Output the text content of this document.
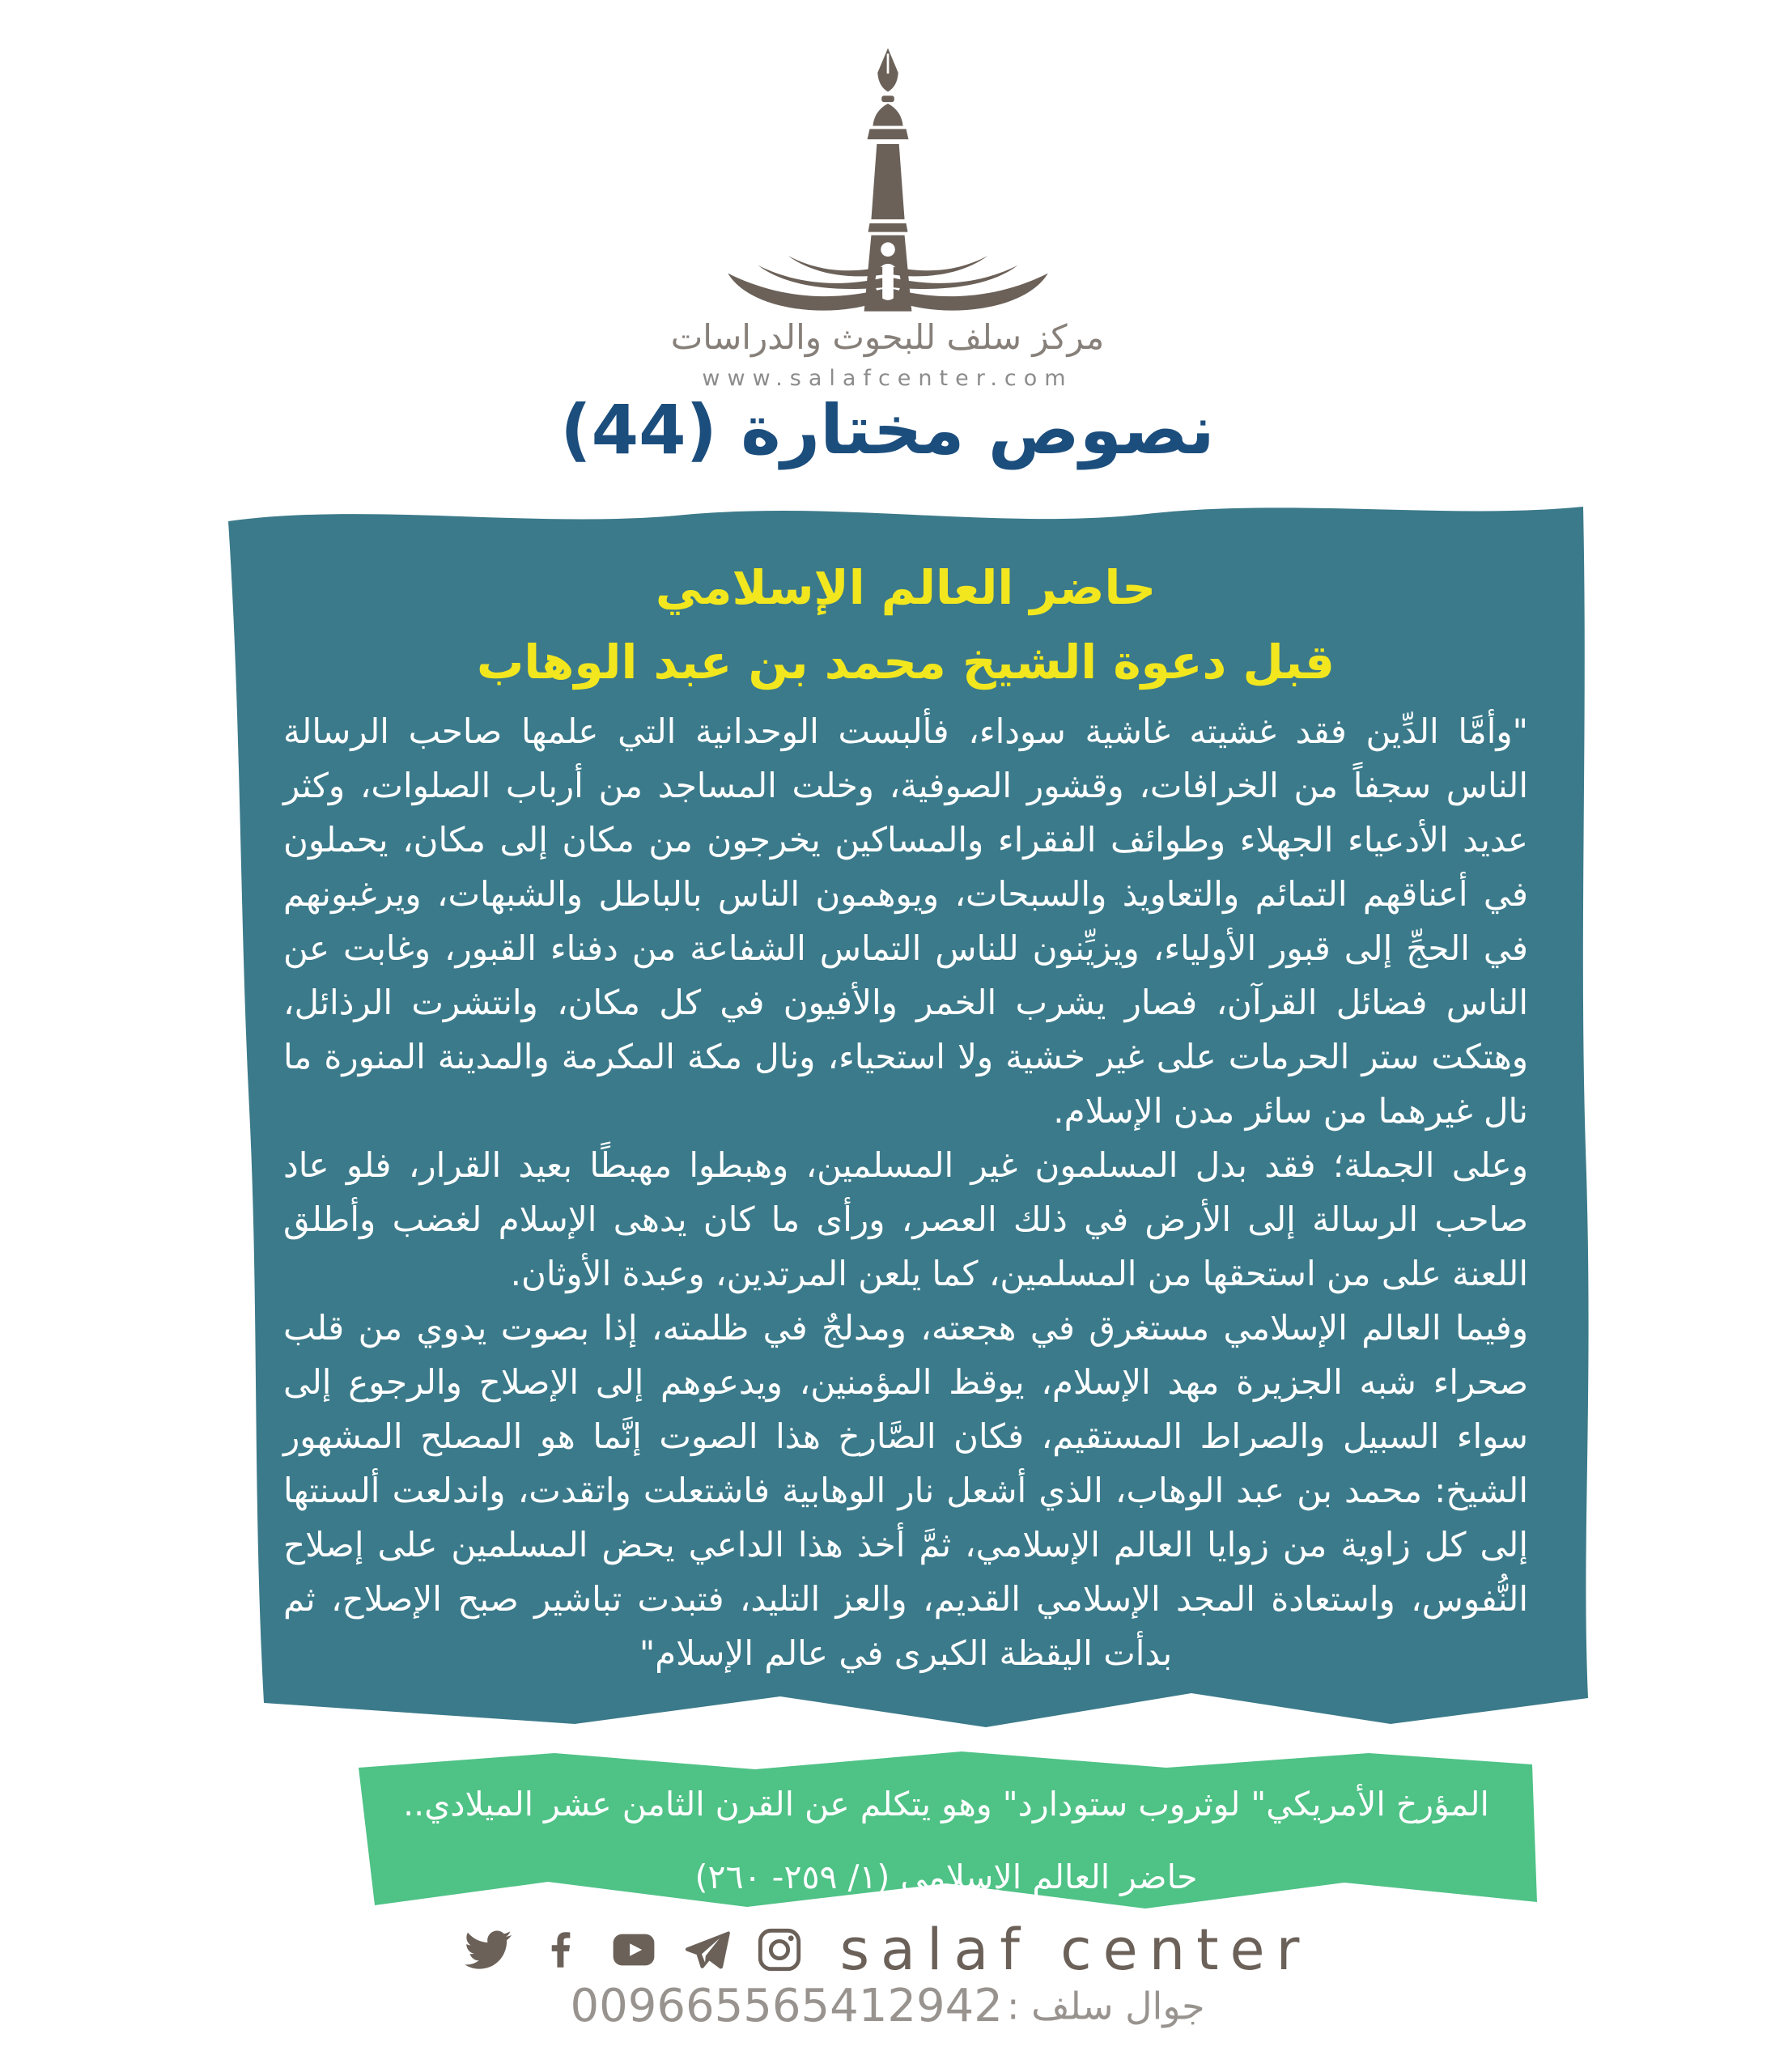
مركز سلف للبحوث والدراسات
www.salafcenter.com
نصوص مختارة (44)
حاضر العالم الإسلامي
قبل دعوة الشيخ محمد بن عبد الوهاب

"وأمَّا الدِّين فقد غشيته غاشية سوداء، فألبست الوحدانية التي علمها صاحب الرسالة الناس سجفاً من الخرافات، وقشور الصوفية، وخلت المساجد من أرباب الصلوات، وكثر عديد الأدعياء الجهلاء وطوائف الفقراء والمساكين يخرجون من مكان إلى مكان، يحملون في أعناقهم التمائم والتعاويذ والسبحات، ويوهمون الناس بالباطل والشبهات، ويرغبونهم في الحجِّ إلى قبور الأولياء، ويزيِّنون للناس التماس الشفاعة من دفناء القبور، وغابت عن الناس فضائل القرآن، فصار يشرب الخمر والأفيون في كل مكان، وانتشرت الرذائل، وهتكت ستر الحرمات على غير خشية ولا استحياء، ونال مكة المكرمة والمدينة المنورة ما نال غيرهما من سائر مدن الإسلام.

وعلى الجملة؛ فقد بدل المسلمون غير المسلمين، وهبطوا مهبطًا بعيد القرار، فلو عاد صاحب الرسالة إلى الأرض في ذلك العصر، ورأى ما كان يدهى الإسلام لغضب وأطلق اللعنة على من استحقها من المسلمين، كما يلعن المرتدين، وعبدة الأوثان.

وفيما العالم الإسلامي مستغرق في هجعته، ومدلجٌ في ظلمته، إذا بصوت يدوي من قلب صحراء شبه الجزيرة مهد الإسلام، يوقظ المؤمنين، ويدعوهم إلى الإصلاح والرجوع إلى سواء السبيل والصراط المستقيم، فكان الصَّارخ هذا الصوت إنَّما هو المصلح المشهور الشيخ: محمد بن عبد الوهاب، الذي أشعل نار الوهابية فاشتعلت واتقدت، واندلعت ألسنتها إلى كل زاوية من زوايا العالم الإسلامي، ثمَّ أخذ هذا الداعي يحض المسلمين على إصلاح النُّفوس، واستعادة المجد الإسلامي القديم، والعز التليد، فتبدت تباشير صبح الإصلاح، ثم بدأت اليقظة الكبرى في عالم الإسلام"

المؤرخ الأمريكي" لوثروب ستودارد" وهو يتكلم عن القرن الثامن عشر الميلادي..
حاضر العالم الإسلامي (١/ ٢٥٩- ٢٦٠)
salaf center
جوال سلف : 009665565412942
